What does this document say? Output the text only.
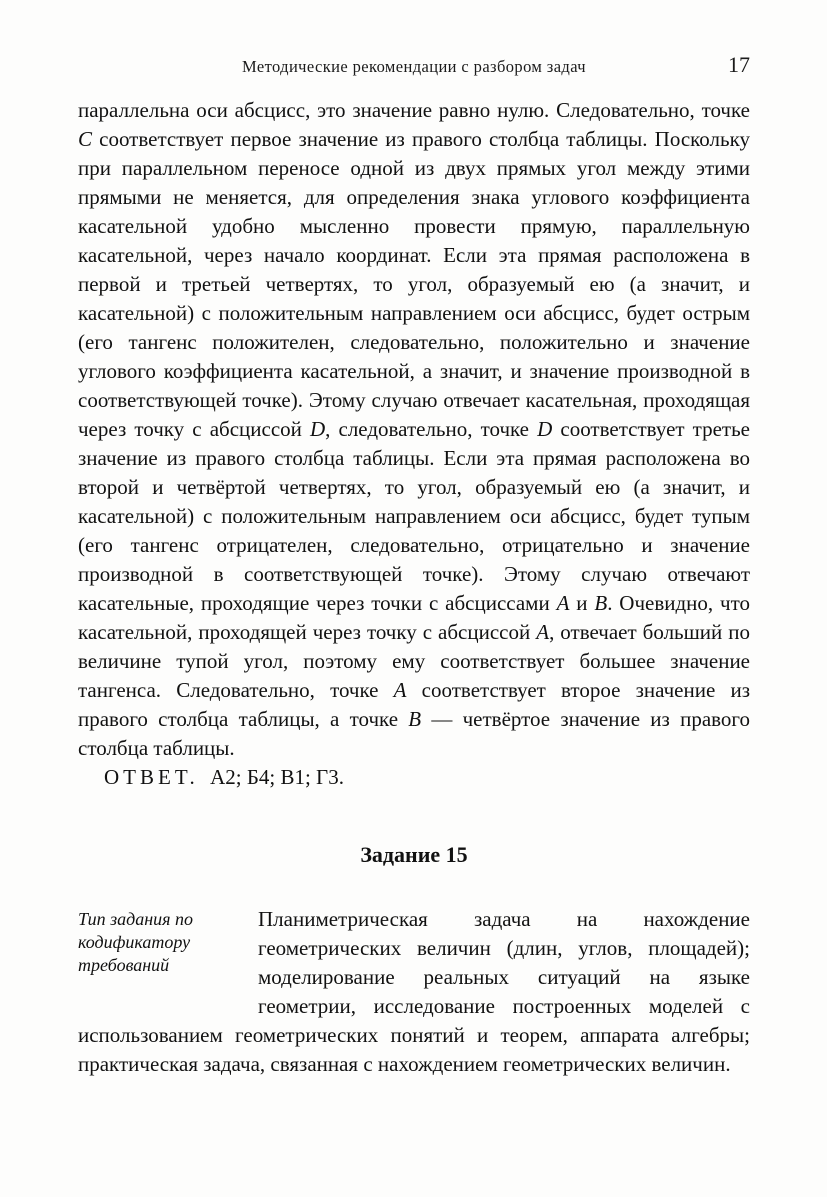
Методические рекомендации с разбором задач	17

параллельна оси абсцисс, это значение равно нулю. Следовательно, точке C соответствует первое значение из правого столбца таблицы. Поскольку при параллельном переносе одной из двух прямых угол между этими прямыми не меняется, для определения знака углового коэффициента касательной удобно мысленно провести прямую, параллельную касательной, через начало координат. Если эта прямая расположена в первой и третьей четвертях, то угол, образуемый ею (а значит, и касательной) с положительным направлением оси абсцисс, будет острым (его тангенс положителен, следовательно, положительно и значение углового коэффициента касательной, а значит, и значение производной в соответствующей точке). Этому случаю отвечает касательная, проходящая через точку с абсциссой D, следовательно, точке D соответствует третье значение из правого столбца таблицы. Если эта прямая расположена во второй и четвёртой четвертях, то угол, образуемый ею (а значит, и касательной) с положительным направлением оси абсцисс, будет тупым (его тангенс отрицателен, следовательно, отрицательно и значение производной в соответствующей точке). Этому случаю отвечают касательные, проходящие через точки с абсциссами A и B. Очевидно, что касательной, проходящей через точку с абсциссой A, отвечает больший по величине тупой угол, поэтому ему соответствует большее значение тангенса. Следовательно, точке A соответствует второе значение из правого столбца таблицы, а точке B — четвёртое значение из правого столбца таблицы.

ОТВЕТ. А2; Б4; В1; Г3.

Задание 15
Тип задания по кодификатору требований

Планиметрическая задача на нахождение геометрических величин (длин, углов, площадей); моделирование реальных ситуаций на языке геометрии, исследование построенных моделей с использованием геометрических понятий и теорем, аппарата алгебры; практическая задача, связанная с нахождением геометрических величин.
